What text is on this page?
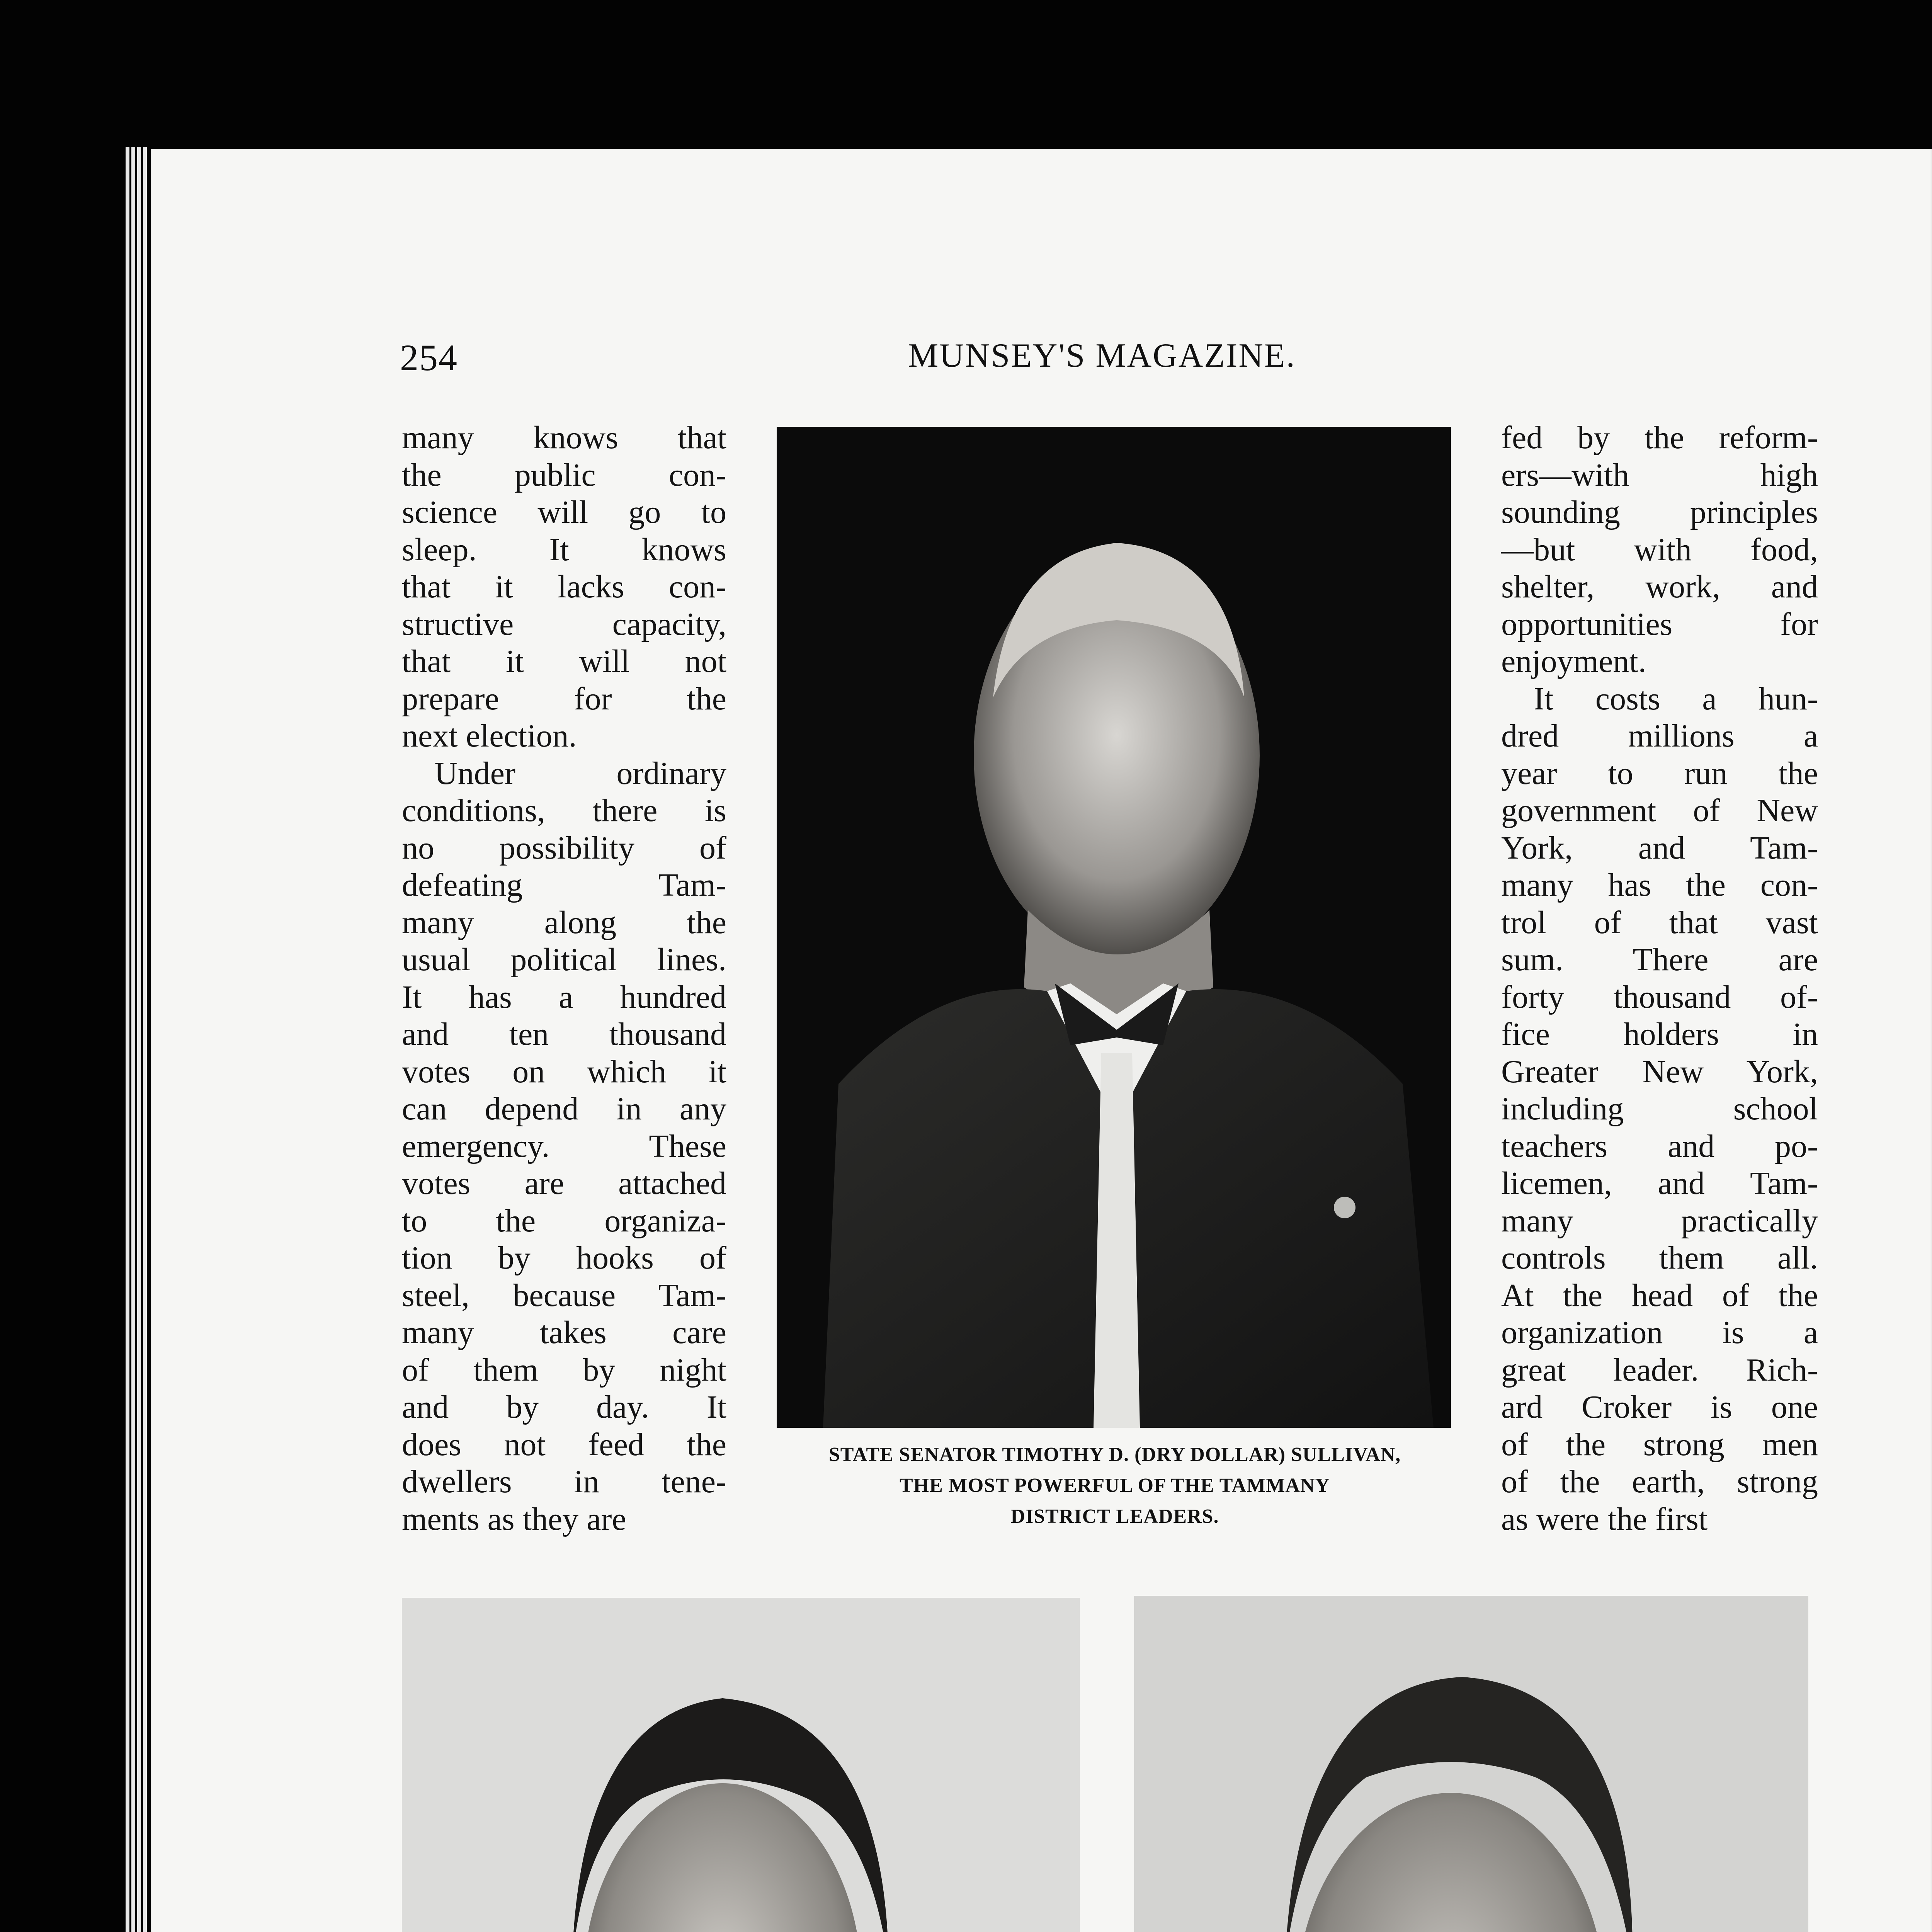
254	MUNSEY'S MAGAZINE.
many knows that
the public con-
science will go to
sleep. It knows
that it lacks con-
structive capacity,
that it will not
prepare for the
next election.
Under ordinary
conditions, there is
no possibility of
defeating Tam-
many along the
usual political lines.
It has a hundred
and ten thousand
votes on which it
can depend in any
emergency. These
votes are attached
to the organiza-
tion by hooks of
steel, because Tam-
many takes care
of them by night
and by day. It
does not feed the
dwellers in tene-
ments as they are
fed by the reform-
ers—with high
sounding principles
—but with food,
shelter, work, and
opportunities for
enjoyment.
It costs a hun-
dred millions a
year to run the
government of New
York, and Tam-
many has the con-
trol of that vast
sum. There are
forty thousand of-
fice holders in
Greater New York,
including school
teachers and po-
licemen, and Tam-
many practically
controls them all.
At the head of the
organization is a
great leader. Rich-
ard Croker is one
of the strong men
of the earth, strong
as were the first
STATE SENATOR TIMOTHY D. (DRY DOLLAR) SULLIVAN,
THE MOST POWERFUL OF THE TAMMANY
DISTRICT LEADERS.
